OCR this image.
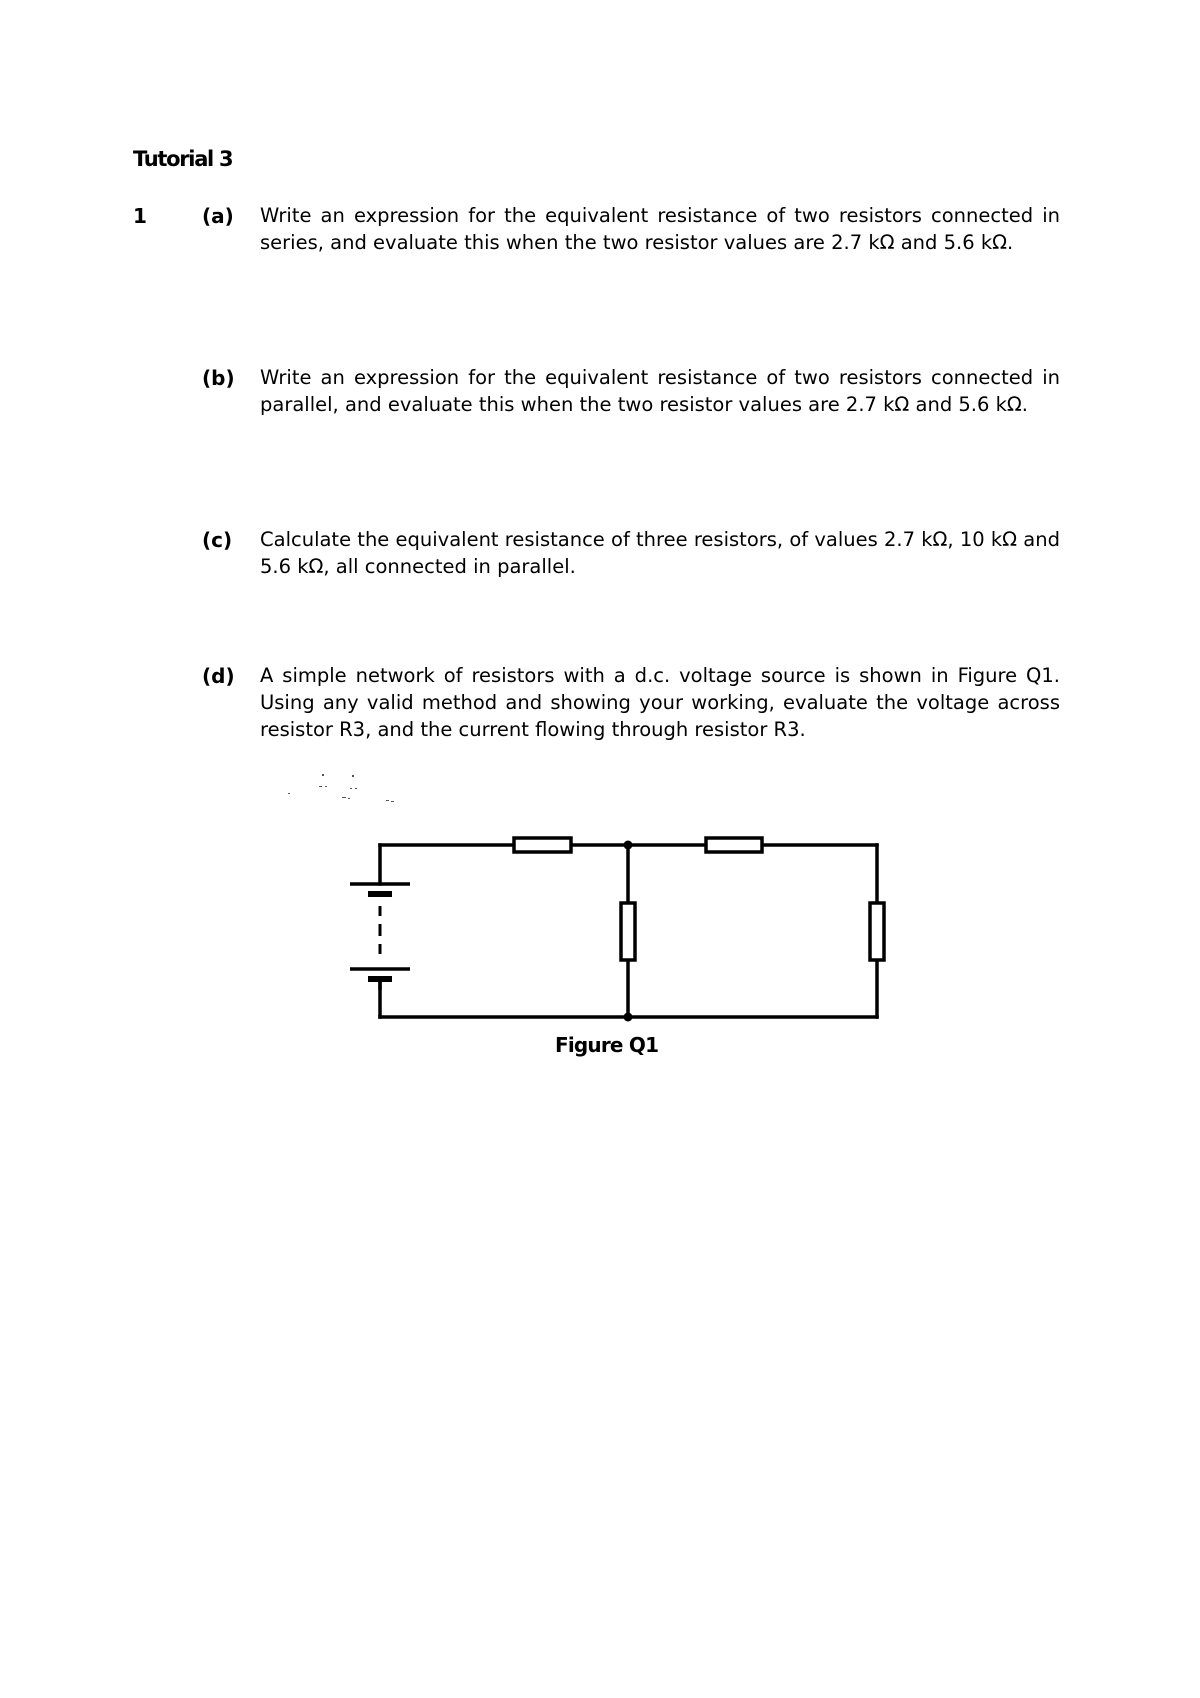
Tutorial 3
1	(a) Write an expression for the equivalent resistance of two resistors connected in series, and evaluate this when the two resistor values are 2.7 kΩ and 5.6 kΩ.
(b) Write an expression for the equivalent resistance of two resistors connected in parallel, and evaluate this when the two resistor values are 2.7 kΩ and 5.6 kΩ.
(c) Calculate the equivalent resistance of three resistors, of values 2.7 kΩ, 10 kΩ and 5.6 kΩ, all connected in parallel.
(d) A simple network of resistors with a d.c. voltage source is shown in Figure Q1. Using any valid method and showing your working, evaluate the voltage across resistor R3, and the current flowing through resistor R3.
Figure Q1
